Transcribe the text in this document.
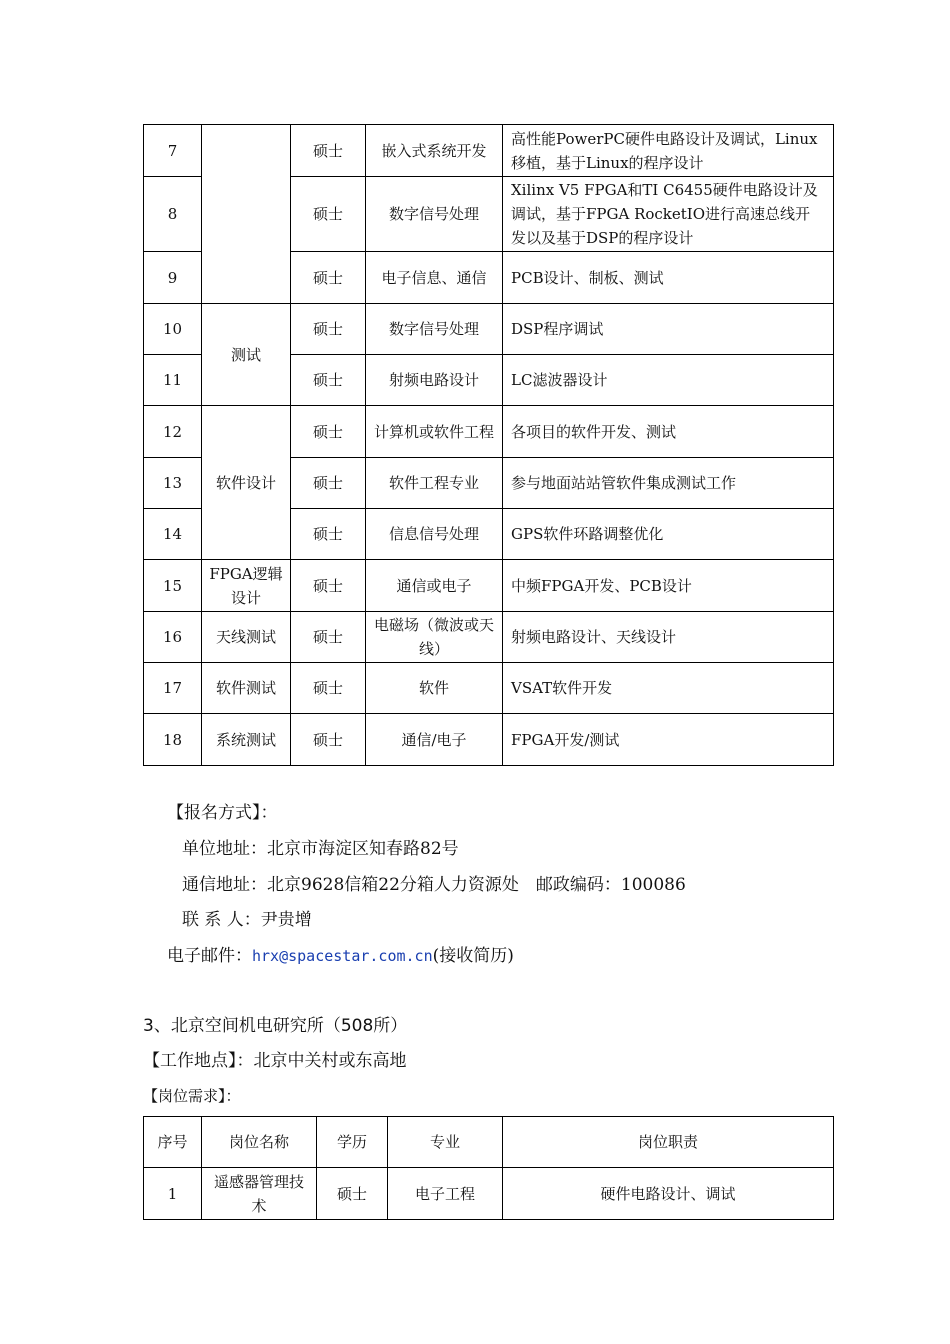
7		硕士	嵌入式系统开发	高性能PowerPC硬件电路设计及调试，Linux移植，基于Linux的程序设计
8		硕士	数字信号处理	Xilinx V5 FPGA和TI C6455硬件电路设计及调试，基于FPGA RocketIO进行高速总线开发以及基于DSP的程序设计
9		硕士	电子信息、通信	PCB设计、制板、测试
10	测试	硕士	数字信号处理	DSP程序调试
11		硕士	射频电路设计	LC滤波器设计
12	软件设计	硕士	计算机或软件工程	各项目的软件开发、测试
13		硕士	软件工程专业	参与地面站站管软件集成测试工作
14		硕士	信息信号处理	GPS软件环路调整优化
15	FPGA逻辑设计	硕士	通信或电子	中频FPGA开发、PCB设计
16	天线测试	硕士	电磁场（微波或天线）	射频电路设计、天线设计
17	软件测试	硕士	软件	VSAT软件开发
18	系统测试	硕士	通信/电子	FPGA开发/测试
【报名方式】：
单位地址：北京市海淀区知春路82号
通信地址：北京9628信箱22分箱人力资源处　邮政编码：100086
联 系 人：尹贵增
电子邮件：hrx@spacestar.com.cn(接收简历)
3、北京空间机电研究所（508所）
【工作地点】：北京中关村或东高地
【岗位需求】：
序号	岗位名称	学历	专业	岗位职责
1	遥感器管理技术	硕士	电子工程	硬件电路设计、调试
